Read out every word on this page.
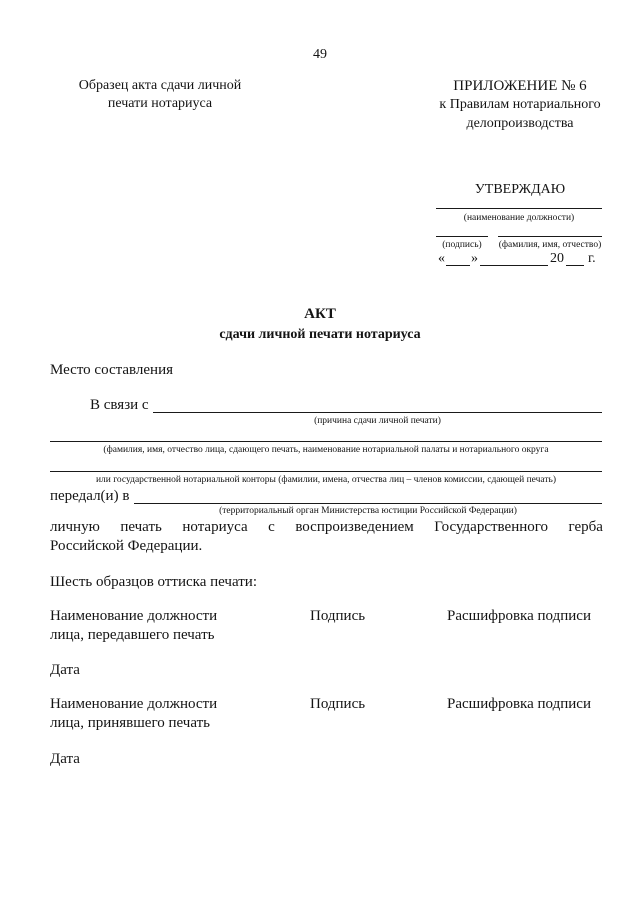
49
Образец акта сдачи личной
печати нотариуса
ПРИЛОЖЕНИЕ № 6
к Правилам нотариального
делопроизводства
УТВЕРЖДАЮ
(наименование должности)
(подпись)	(фамилия, имя, отчество)
« »	20 г.
АКТ
сдачи личной печати нотариуса
Место составления
В связи с
(причина сдачи личной печати)
(фамилия, имя, отчество лица, сдающего печать, наименование нотариальной палаты и нотариального округа
или государственной нотариальной конторы (фамилии, имена, отчества лиц – членов комиссии, сдающей печать)
передал(и) в
(территориальный орган Министерства юстиции Российской Федерации)
личную печать нотариуса с воспроизведением Государственного герба
Российской Федерации.
Шесть образцов оттиска печати:
Наименование должности
лица, передавшего печать
Подпись	Расшифровка подписи
Дата
Наименование должности
лица, принявшего печать
Подпись	Расшифровка подписи
Дата
